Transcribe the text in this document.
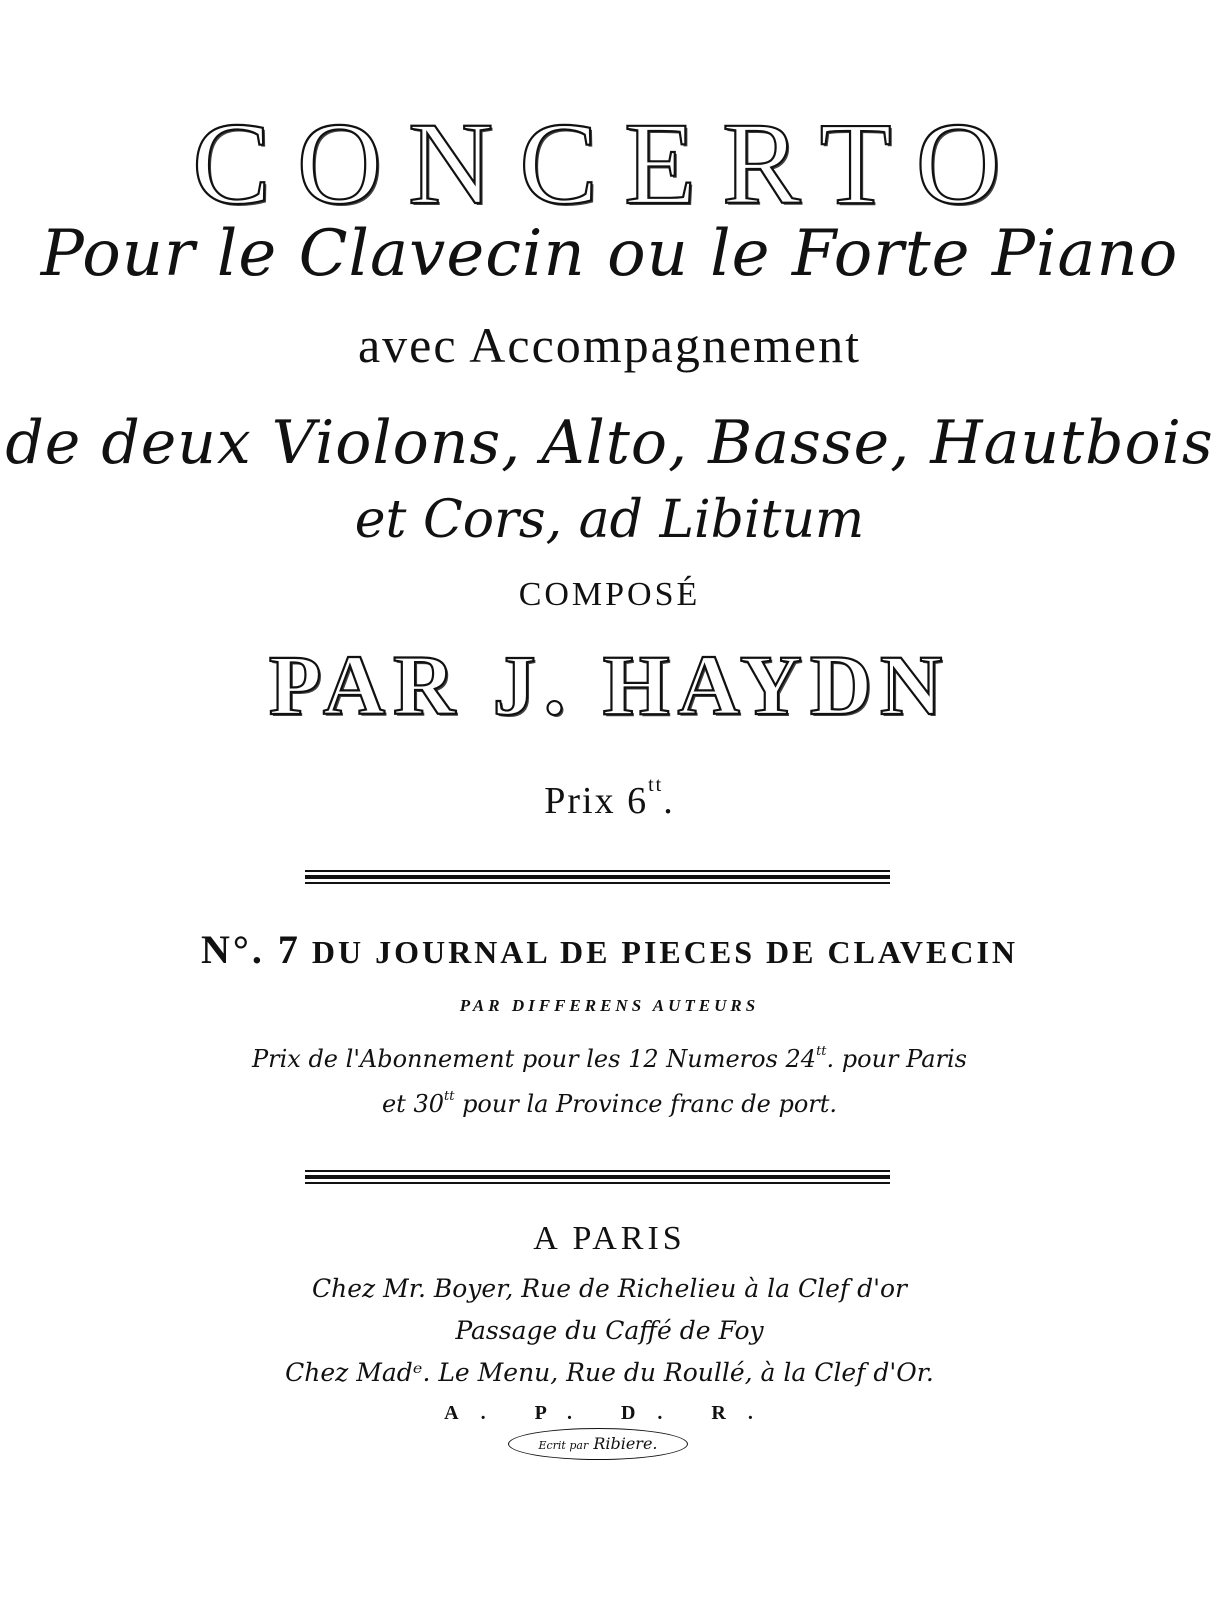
CONCERTO
Pour le Clavecin ou le Forte Piano
avec Accompagnement
de deux Violons, Alto, Basse, Hautbois
et Cors, ad Libitum
COMPOSÉ
PAR J. HAYDN
Prix $6^{tt}$.
N°. 7 DU JOURNAL DE PIECES DE CLAVECIN
PAR DIFFERENS AUTEURS
Prix de l'Abonnement pour les 12 Numeros $24^{tt}$. pour Paris
et $30^{tt}$ pour la Province franc de port.
A PARIS
Chez Mr. Boyer, Rue de Richelieu à la Clef d'or
Passage du Caffé de Foy
Chez Madᵉ. Le Menu, Rue du Roullé, à la Clef d'Or.
A. P. D. R.
Ecrit par Ribiere.
